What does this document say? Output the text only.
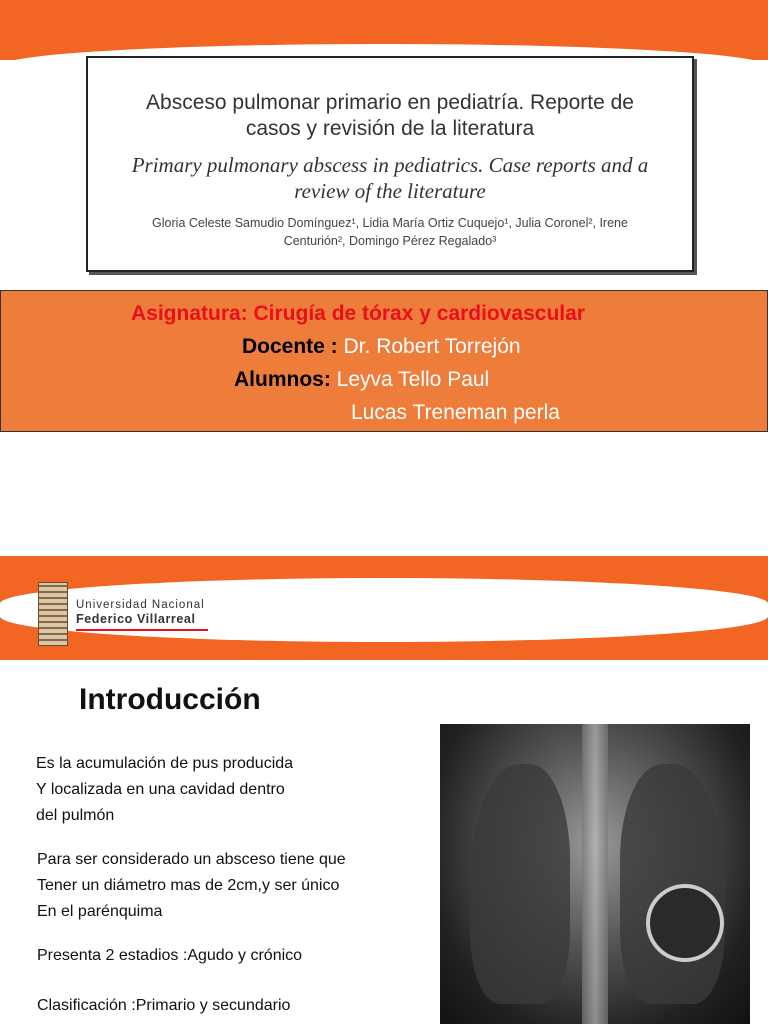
Absceso pulmonar primario en pediatría. Reporte de
casos y revisión de la literatura
Primary pulmonary abscess in pediatrics. Case reports and a
review of the literature
Gloria Celeste Samudio Domínguez¹, Lidia María Ortiz Cuquejo¹, Julia Coronel², Irene
Centurión², Domingo Pérez Regalado³
Asignatura: Cirugía de tórax y cardiovascular
Docente : Dr. Robert Torrejón
Alumnos: Leyva Tello Paul
Lucas Treneman perla
Universidad Nacional
Federico Villarreal
Introducción
Es la acumulación de pus producida
Y localizada en una cavidad dentro
del pulmón
Para ser considerado un absceso tiene que
Tener un diámetro mas de 2cm,y ser único
En el parénquima
Presenta 2 estadios :Agudo y crónico
Clasificación :Primario y secundario
